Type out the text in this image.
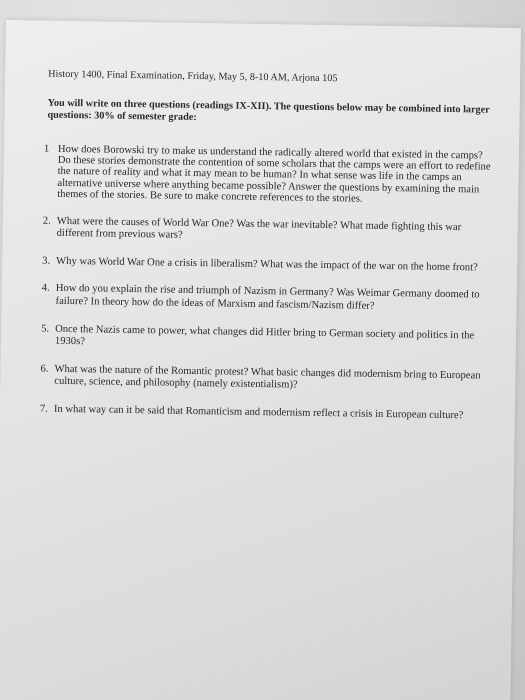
History 1400, Final Examination, Friday, May 5, 8-10 AM, Arjona 105
You will write on three questions (readings IX-XII). The questions below may be combined into larger questions: 30% of semester grade:
1 How does Borowski try to make us understand the radically altered world that existed in the camps? Do these stories demonstrate the contention of some scholars that the camps were an effort to redefine the nature of reality and what it may mean to be human? In what sense was life in the camps an alternative universe where anything became possible? Answer the questions by examining the main themes of the stories. Be sure to make concrete references to the stories.
2. What were the causes of World War One? Was the war inevitable? What made fighting this war different from previous wars?
3. Why was World War One a crisis in liberalism? What was the impact of the war on the home front?
4. How do you explain the rise and triumph of Nazism in Germany? Was Weimar Germany doomed to failure? In theory how do the ideas of Marxism and fascism/Nazism differ?
5. Once the Nazis came to power, what changes did Hitler bring to German society and politics in the 1930s?
6. What was the nature of the Romantic protest? What basic changes did modernism bring to European culture, science, and philosophy (namely existentialism)?
7. In what way can it be said that Romanticism and modernism reflect a crisis in European culture?
